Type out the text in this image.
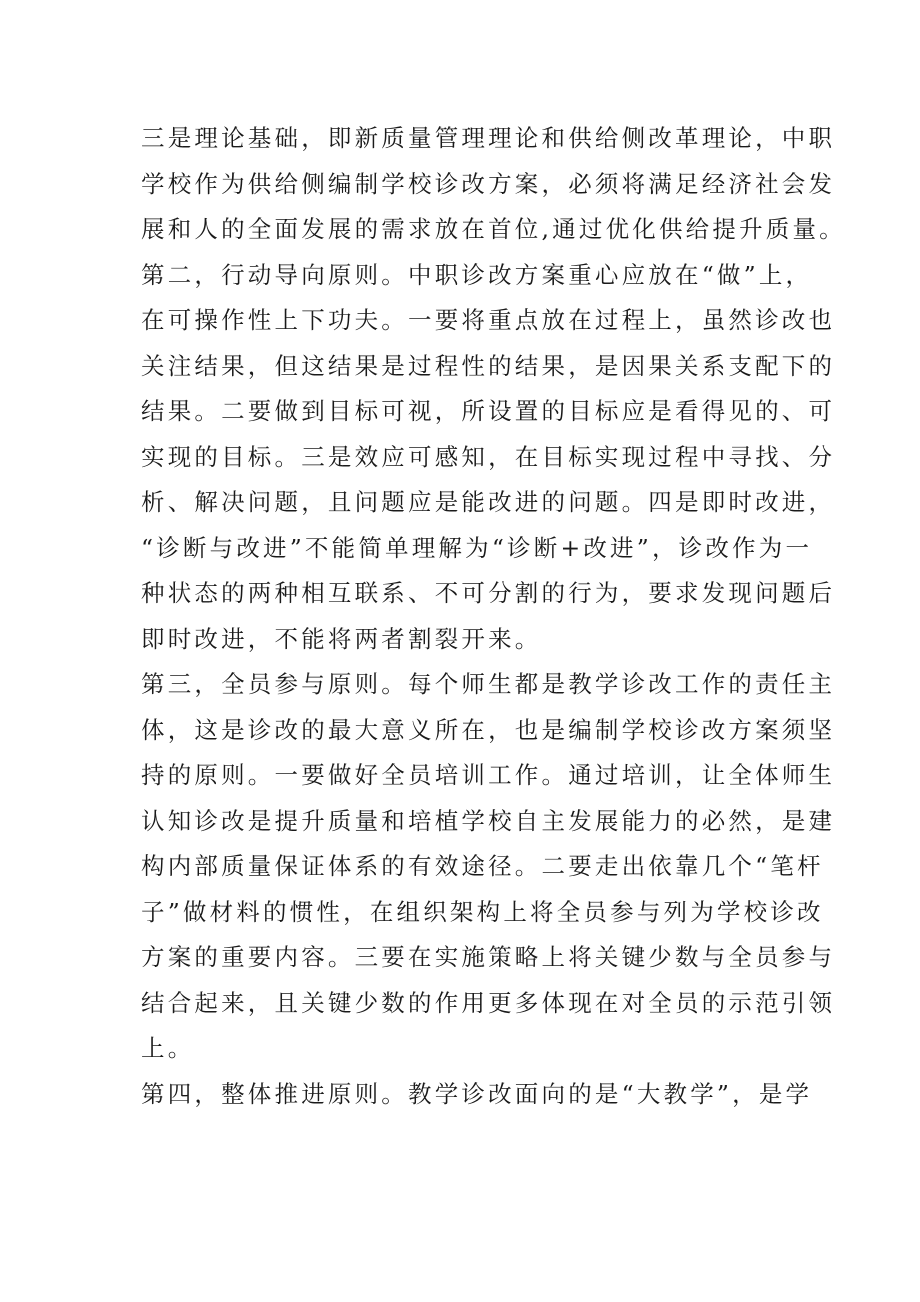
三是理论基础，即新质量管理理论和供给侧改革理论，中职
学校作为供给侧编制学校诊改方案，必须将满足经济社会发
展和人的全面发展的需求放在首位,通过优化供给提升质量。
第二，行动导向原则。中职诊改方案重心应放在“做”上，
在可操作性上下功夫。一要将重点放在过程上，虽然诊改也
关注结果，但这结果是过程性的结果，是因果关系支配下的
结果。二要做到目标可视，所设置的目标应是看得见的、可
实现的目标。三是效应可感知，在目标实现过程中寻找、分
析、解决问题，且问题应是能改进的问题。四是即时改进，
“诊断与改进”不能简单理解为“诊断+改进”，诊改作为一
种状态的两种相互联系、不可分割的行为，要求发现问题后
即时改进，不能将两者割裂开来。
第三，全员参与原则。每个师生都是教学诊改工作的责任主
体，这是诊改的最大意义所在，也是编制学校诊改方案须坚
持的原则。一要做好全员培训工作。通过培训，让全体师生
认知诊改是提升质量和培植学校自主发展能力的必然，是建
构内部质量保证体系的有效途径。二要走出依靠几个“笔杆
子”做材料的惯性，在组织架构上将全员参与列为学校诊改
方案的重要内容。三要在实施策略上将关键少数与全员参与
结合起来，且关键少数的作用更多体现在对全员的示范引领
上。
第四，整体推进原则。教学诊改面向的是“大教学”，是学
